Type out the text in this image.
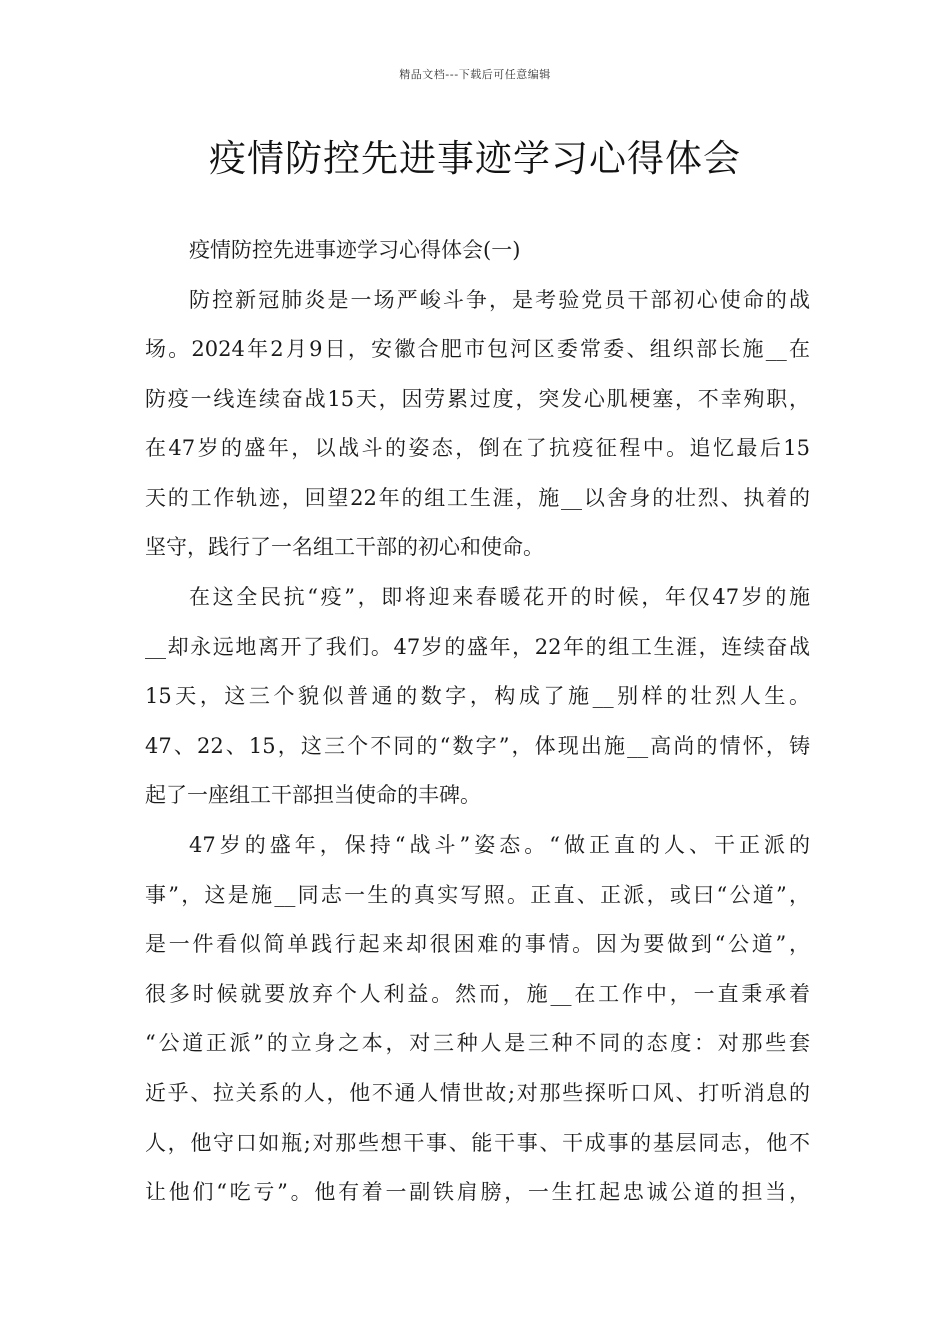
精品文档---下载后可任意编辑
疫情防控先进事迹学习心得体会
疫情防控先进事迹学习心得体会(一)
防控新冠肺炎是一场严峻斗争，是考验党员干部初心使命的战
场。2024年2月9日，安徽合肥市包河区委常委、组织部长施__在
防疫一线连续奋战15天，因劳累过度，突发心肌梗塞，不幸殉职，
在47岁的盛年，以战斗的姿态，倒在了抗疫征程中。追忆最后15
天的工作轨迹，回望22年的组工生涯，施__以舍身的壮烈、执着的
坚守，践行了一名组工干部的初心和使命。
在这全民抗“疫”，即将迎来春暖花开的时候，年仅47岁的施
__却永远地离开了我们。47岁的盛年，22年的组工生涯，连续奋战
15天，这三个貌似普通的数字，构成了施__别样的壮烈人生。
47、22、15，这三个不同的“数字”，体现出施__高尚的情怀，铸
起了一座组工干部担当使命的丰碑。
47岁的盛年，保持“战斗”姿态。“做正直的人、干正派的
事”，这是施__同志一生的真实写照。正直、正派，或曰“公道”，
是一件看似简单践行起来却很困难的事情。因为要做到“公道”，
很多时候就要放弃个人利益。然而，施__在工作中，一直秉承着
“公道正派”的立身之本，对三种人是三种不同的态度：对那些套
近乎、拉关系的人，他不通人情世故;对那些探听口风、打听消息的
人，他守口如瓶;对那些想干事、能干事、干成事的基层同志，他不
让他们“吃亏”。他有着一副铁肩膀，一生扛起忠诚公道的担当，
